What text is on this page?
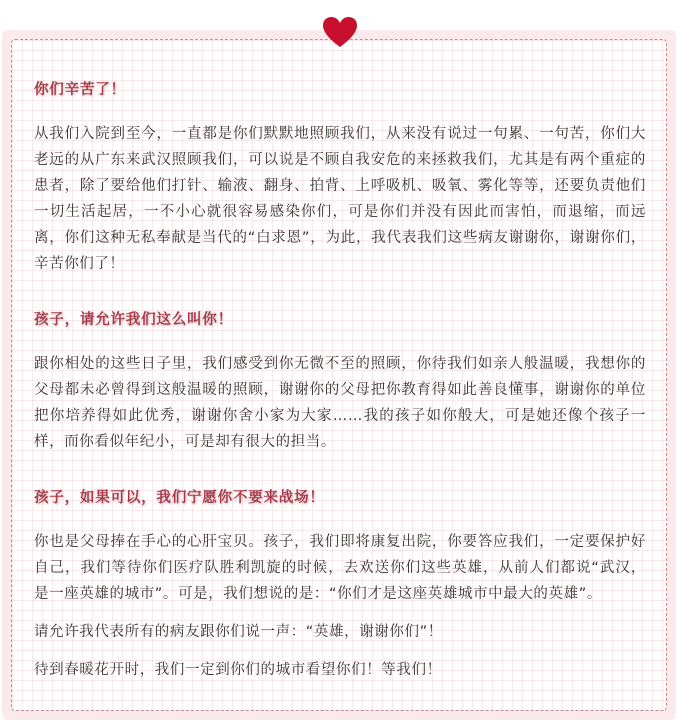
你们辛苦了！

从我们入院到至今，一直都是你们默默地照顾我们，从来没有说过一句累、一句苦，你们大老远的从广东来武汉照顾我们，可以说是不顾自我安危的来拯救我们，尤其是有两个重症的患者，除了要给他们打针、输液、翻身、拍背、上呼吸机、吸氧、雾化等等，还要负责他们一切生活起居，一不小心就很容易感染你们，可是你们并没有因此而害怕，而退缩，而远离，你们这种无私奉献是当代的“白求恩”，为此，我代表我们这些病友谢谢你，谢谢你们，辛苦你们了！

孩子，请允许我们这么叫你！

跟你相处的这些日子里，我们感受到你无微不至的照顾，你待我们如亲人般温暖，我想你的父母都未必曾得到这般温暖的照顾，谢谢你的父母把你教育得如此善良懂事，谢谢你的单位把你培养得如此优秀，谢谢你舍小家为大家……我的孩子如你般大，可是她还像个孩子一样，而你看似年纪小，可是却有很大的担当。

孩子，如果可以，我们宁愿你不要来战场！

你也是父母捧在手心的心肝宝贝。孩子，我们即将康复出院，你要答应我们，一定要保护好自己，我们等待你们医疗队胜利凯旋的时候，去欢送你们这些英雄，从前人们都说“武汉，是一座英雄的城市”。可是，我们想说的是：“你们才是这座英雄城市中最大的英雄”。

请允许我代表所有的病友跟你们说一声：“英雄，谢谢你们”！

待到春暖花开时，我们一定到你们的城市看望你们！等我们！
